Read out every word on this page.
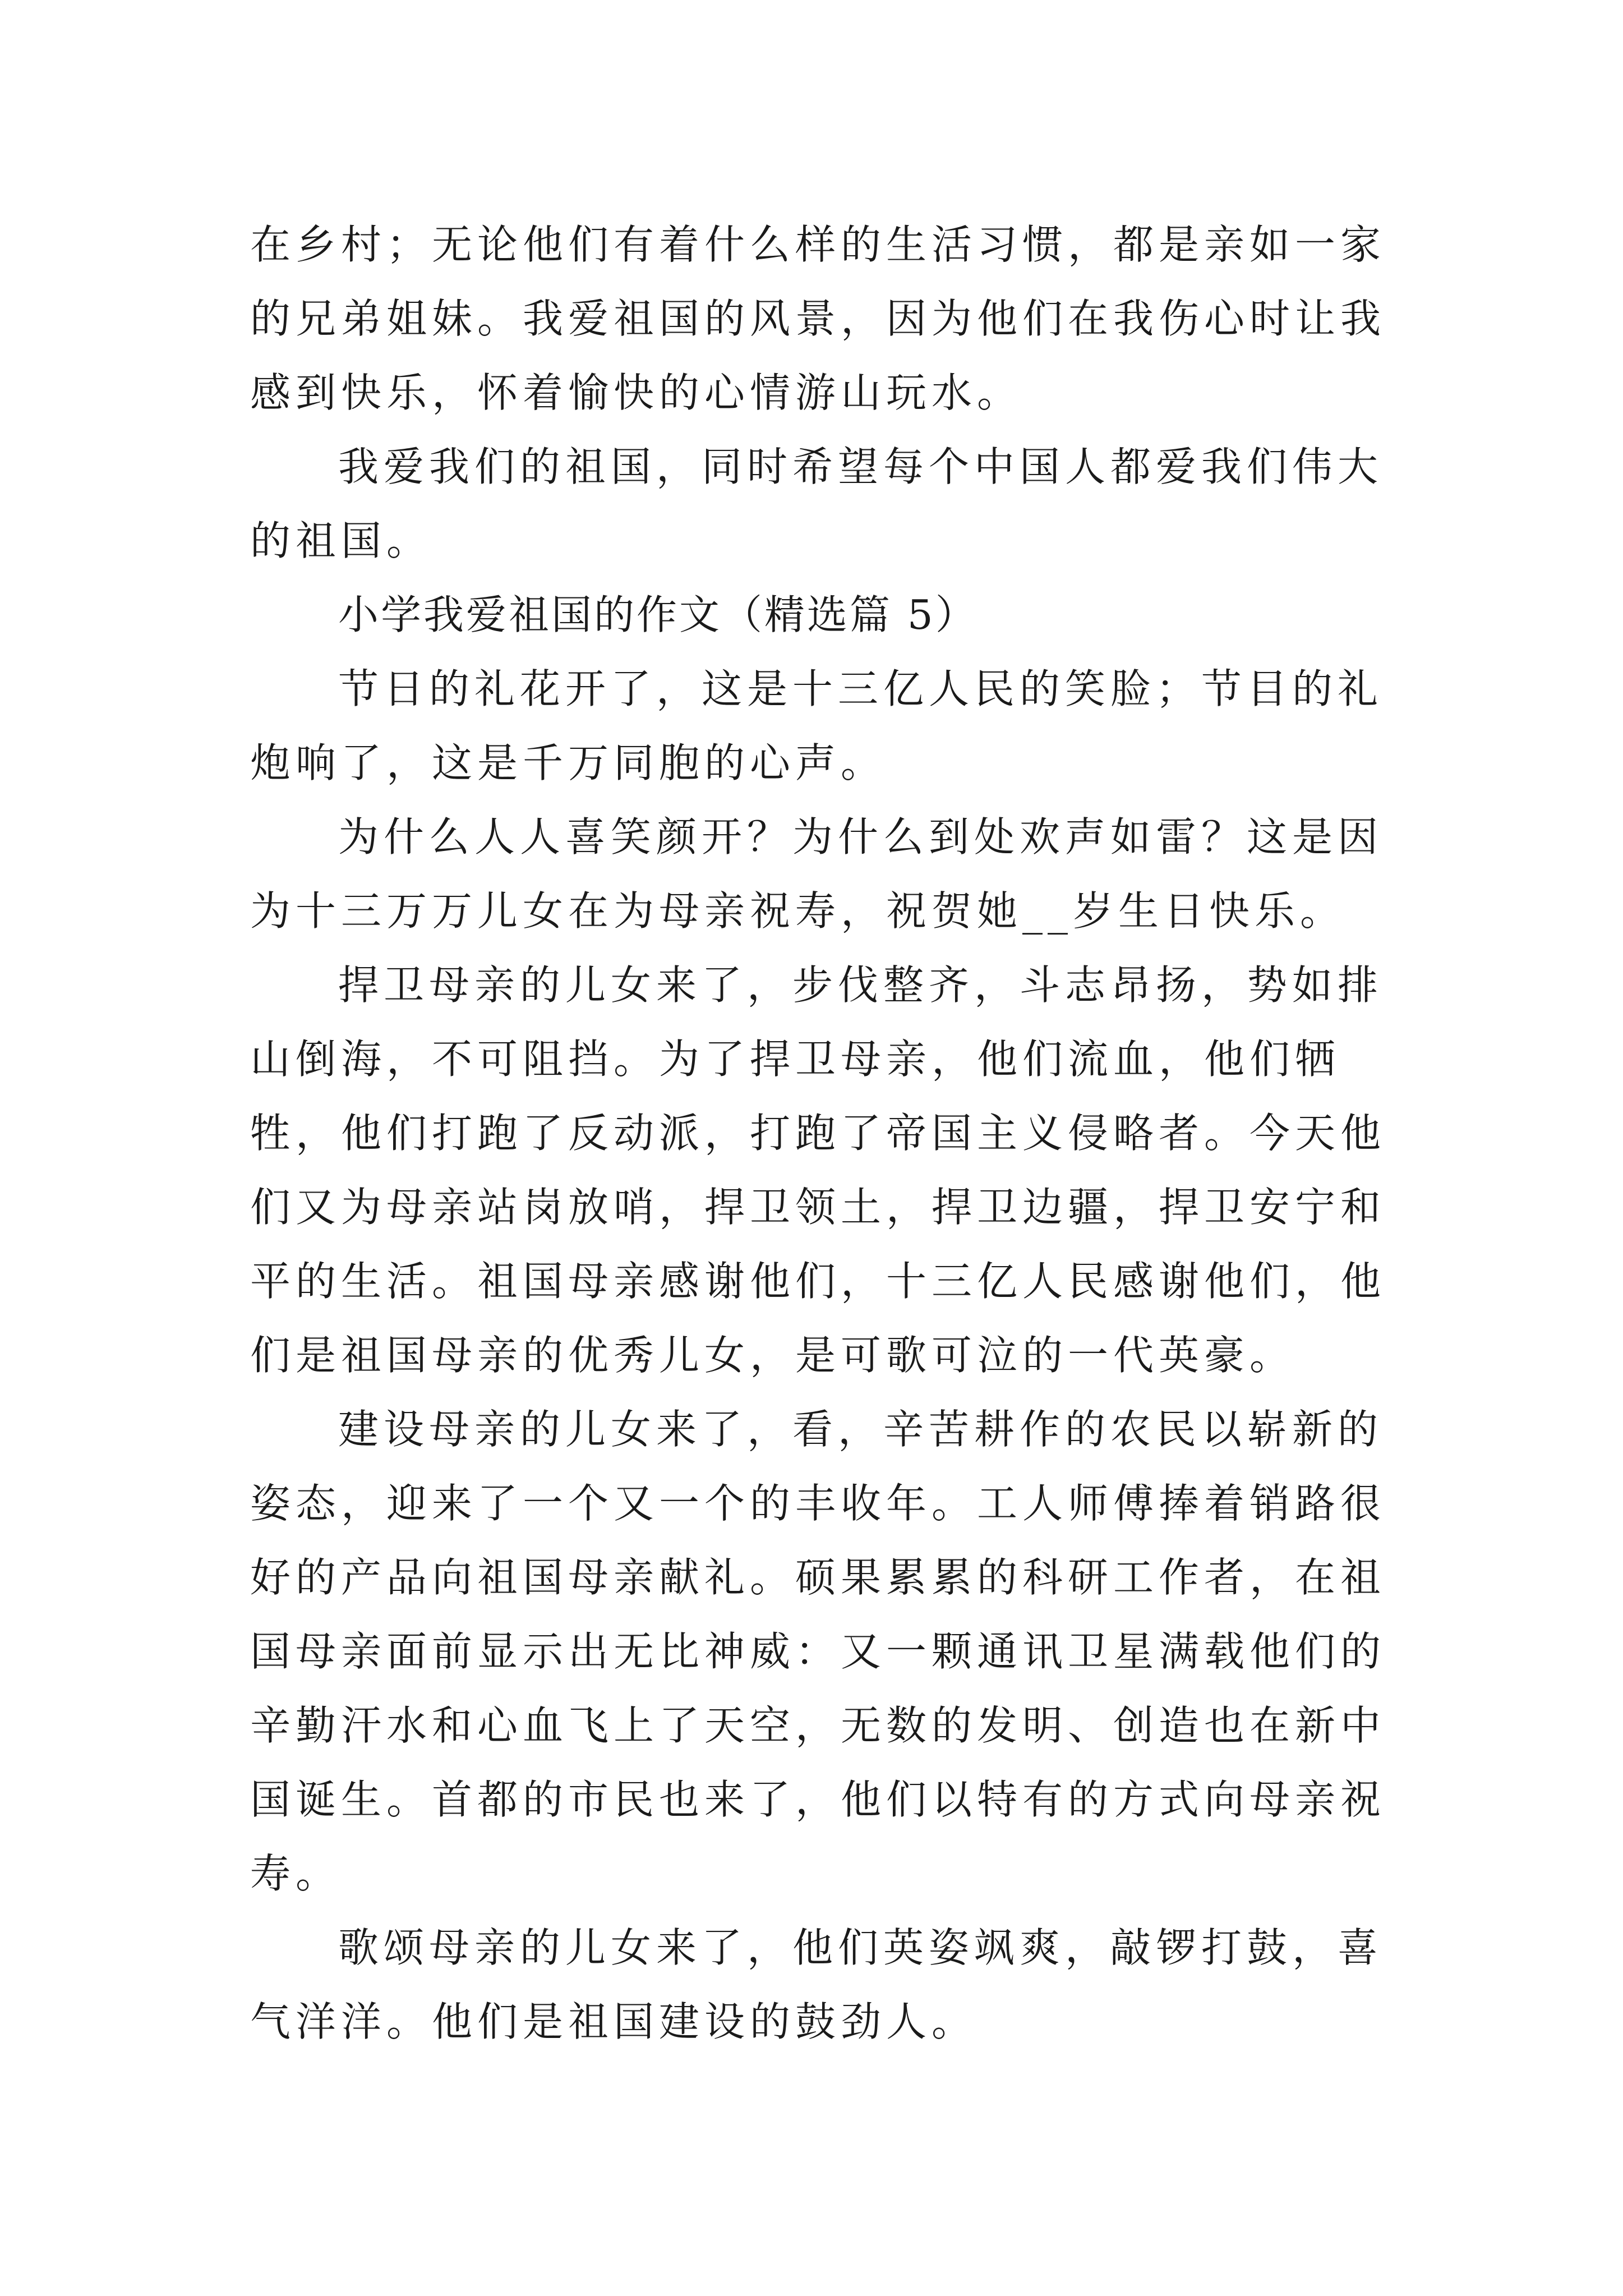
在乡村；无论他们有着什么样的生活习惯，都是亲如一家的兄弟姐妹。我爱祖国的风景，因为他们在我伤心时让我感到快乐，怀着愉快的心情游山玩水。

我爱我们的祖国，同时希望每个中国人都爱我们伟大的祖国。

小学我爱祖国的作文（精选篇 5）

节日的礼花开了，这是十三亿人民的笑脸；节目的礼炮响了，这是千万同胞的心声。

为什么人人喜笑颜开？为什么到处欢声如雷？这是因为十三万万儿女在为母亲祝寿，祝贺她__岁生日快乐。

捍卫母亲的儿女来了，步伐整齐，斗志昂扬，势如排山倒海，不可阻挡。为了捍卫母亲，他们流血，他们牺牲，他们打跑了反动派，打跑了帝国主义侵略者。今天他们又为母亲站岗放哨，捍卫领土，捍卫边疆，捍卫安宁和平的生活。祖国母亲感谢他们，十三亿人民感谢他们，他们是祖国母亲的优秀儿女，是可歌可泣的一代英豪。

建设母亲的儿女来了，看，辛苦耕作的农民以崭新的姿态，迎来了一个又一个的丰收年。工人师傅捧着销路很好的产品向祖国母亲献礼。硕果累累的科研工作者，在祖国母亲面前显示出无比神威：又一颗通讯卫星满载他们的辛勤汗水和心血飞上了天空，无数的发明、创造也在新中国诞生。首都的市民也来了，他们以特有的方式向母亲祝寿。

歌颂母亲的儿女来了，他们英姿飒爽，敲锣打鼓，喜气洋洋。他们是祖国建设的鼓劲人。
